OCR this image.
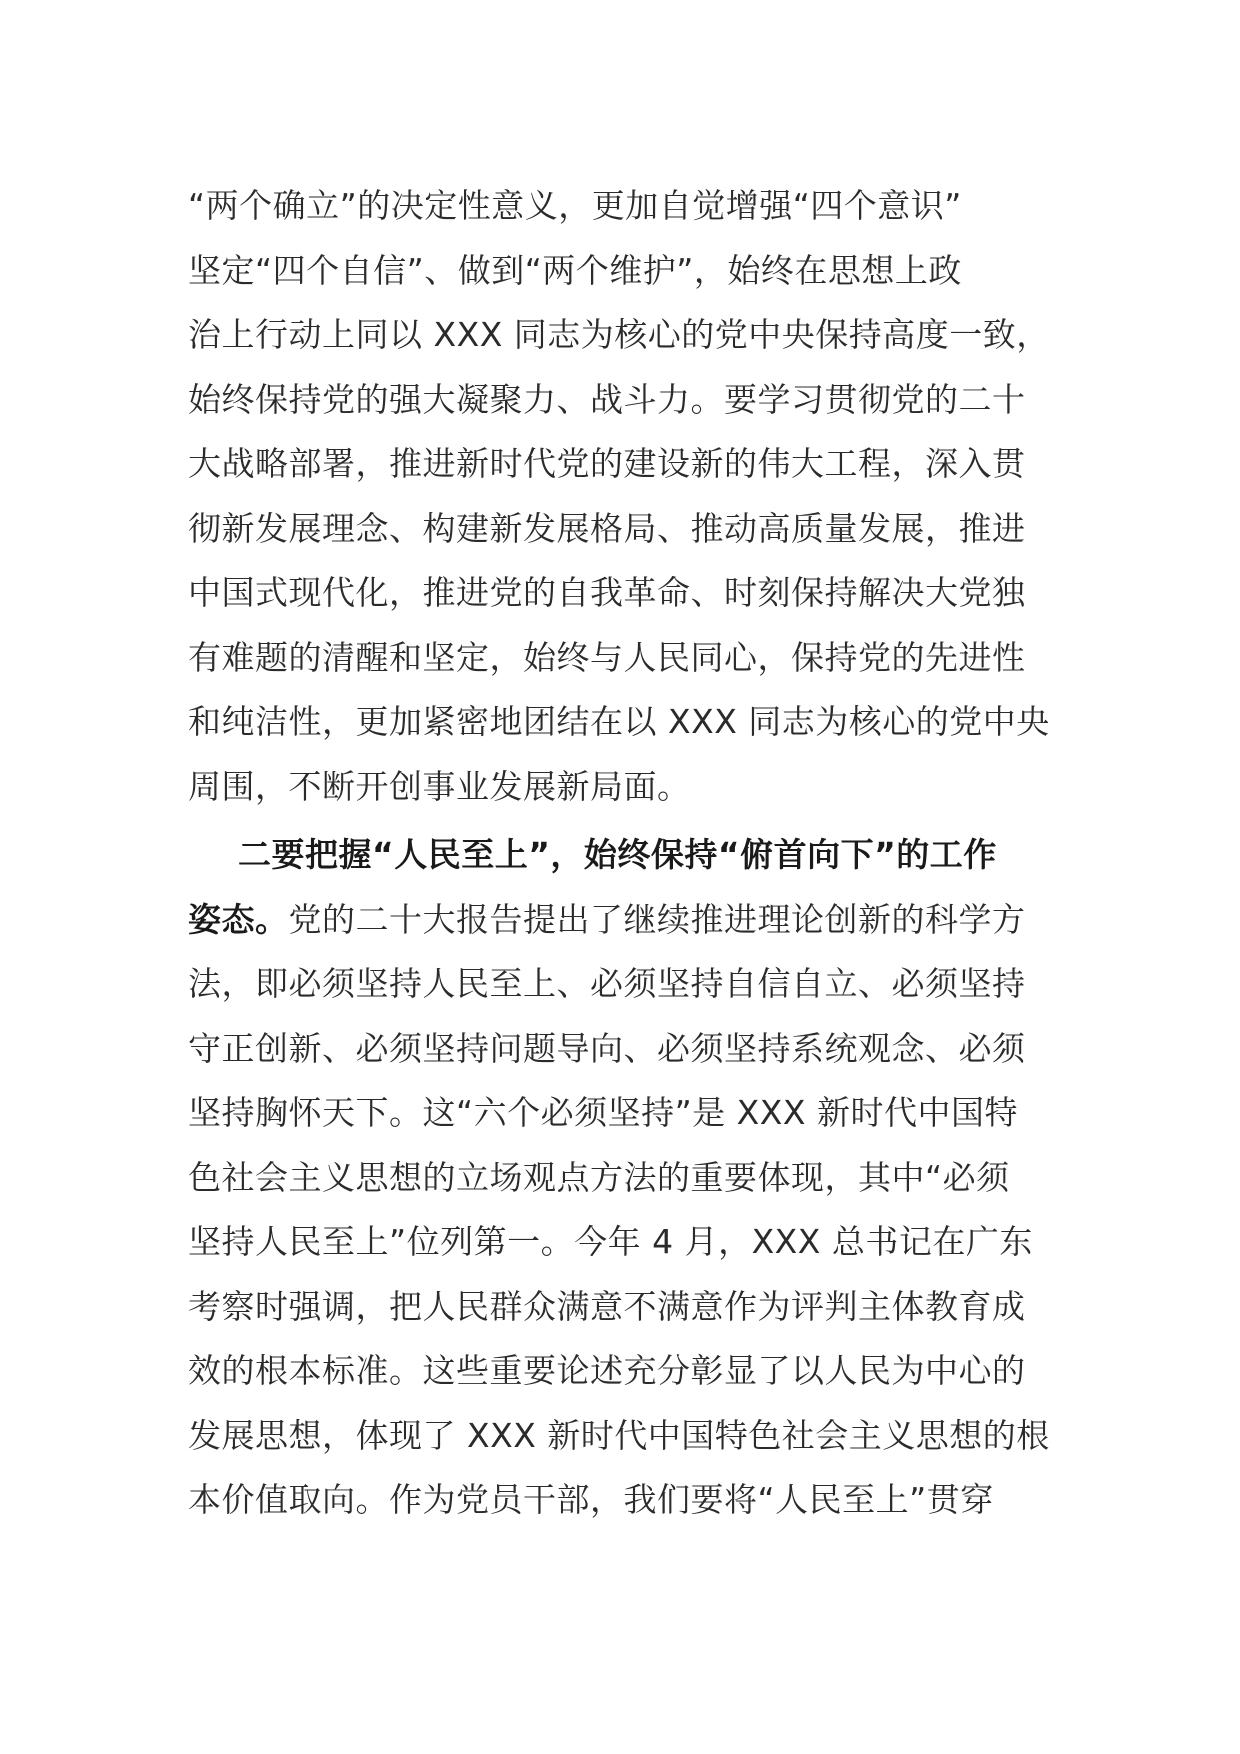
“两个确立”的决定性意义，更加自觉增强“四个意识”
坚定“四个自信”、做到“两个维护”，始终在思想上政
治上行动上同以 XXX 同志为核心的党中央保持高度一致，
始终保持党的强大凝聚力、战斗力。要学习贯彻党的二十
大战略部署，推进新时代党的建设新的伟大工程，深入贯
彻新发展理念、构建新发展格局、推动高质量发展，推进
中国式现代化，推进党的自我革命、时刻保持解决大党独
有难题的清醒和坚定，始终与人民同心，保持党的先进性
和纯洁性，更加紧密地团结在以 XXX 同志为核心的党中央
周围，不断开创事业发展新局面。
二要把握“人民至上”，始终保持“俯首向下”的工作
姿态。党的二十大报告提出了继续推进理论创新的科学方
法，即必须坚持人民至上、必须坚持自信自立、必须坚持
守正创新、必须坚持问题导向、必须坚持系统观念、必须
坚持胸怀天下。这“六个必须坚持”是 XXX 新时代中国特
色社会主义思想的立场观点方法的重要体现，其中“必须
坚持人民至上”位列第一。今年 4 月，XXX 总书记在广东
考察时强调，把人民群众满意不满意作为评判主体教育成
效的根本标准。这些重要论述充分彰显了以人民为中心的
发展思想，体现了 XXX 新时代中国特色社会主义思想的根
本价值取向。作为党员干部，我们要将“人民至上”贯穿
